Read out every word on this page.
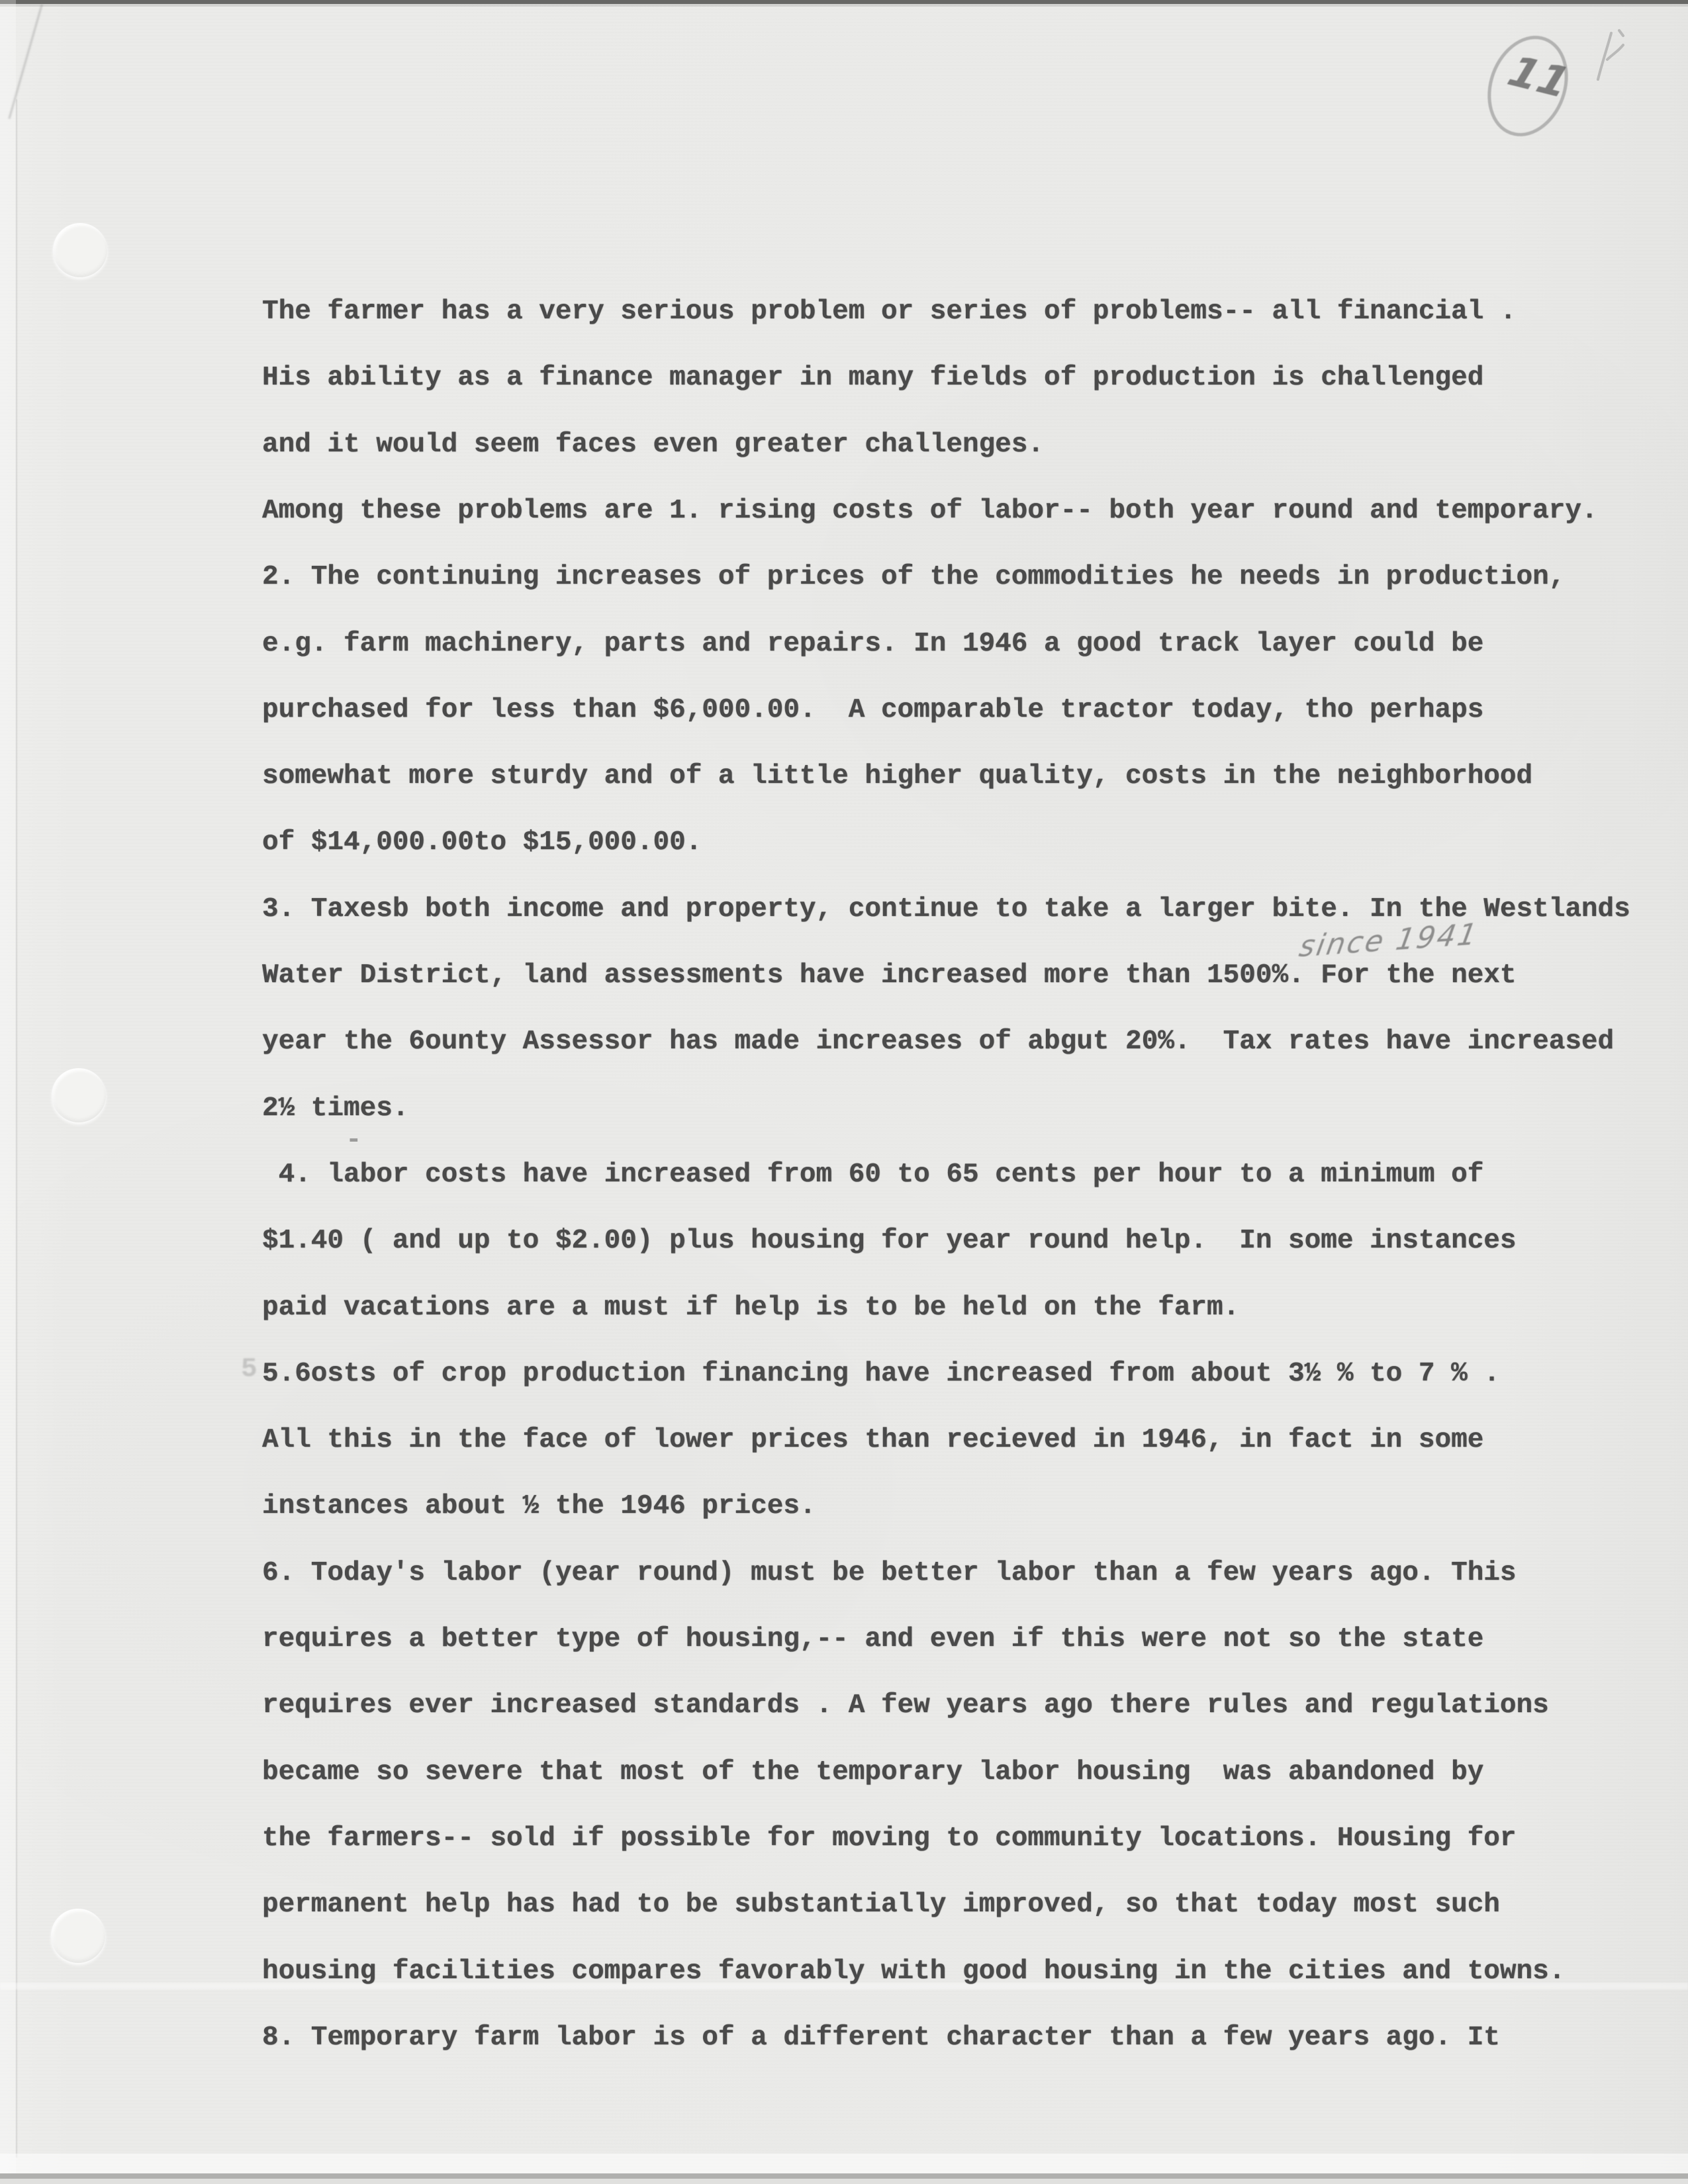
11
since 1941
5
-
The farmer has a very serious problem or series of problems-- all financial .
His ability as a finance manager in many fields of production is challenged
and it would seem faces even greater challenges.
Among these problems are 1. rising costs of labor-- both year round and temporary.
2. The continuing increases of prices of the commodities he needs in production,
e.g. farm machinery, parts and repairs. In 1946 a good track layer could be
purchased for less than $6,000.00.  A comparable tractor today, tho perhaps
somewhat more sturdy and of a little higher quality, costs in the neighborhood
of $14,000.00to $15,000.00.
3. Taxesb both income and property, continue to take a larger bite. In the Westlands
Water District, land assessments have increased more than 1500%. For the next
year the 6ounty Assessor has made increases of abgut 20%.  Tax rates have increased
2½ times.
4. labor costs have increased from 60 to 65 cents per hour to a minimum of
$1.40 ( and up to $2.00) plus housing for year round help.  In some instances
paid vacations are a must if help is to be held on the farm.
5.6osts of crop production financing have increased from about 3½ % to 7 % .
All this in the face of lower prices than recieved in 1946, in fact in some
instances about ½ the 1946 prices.
6. Today's labor (year round) must be better labor than a few years ago. This
requires a better type of housing,-- and even if this were not so the state
requires ever increased standards . A few years ago there rules and regulations
became so severe that most of the temporary labor housing  was abandoned by
the farmers-- sold if possible for moving to community locations. Housing for
permanent help has had to be substantially improved, so that today most such
housing facilities compares favorably with good housing in the cities and towns.
8. Temporary farm labor is of a different character than a few years ago. It
